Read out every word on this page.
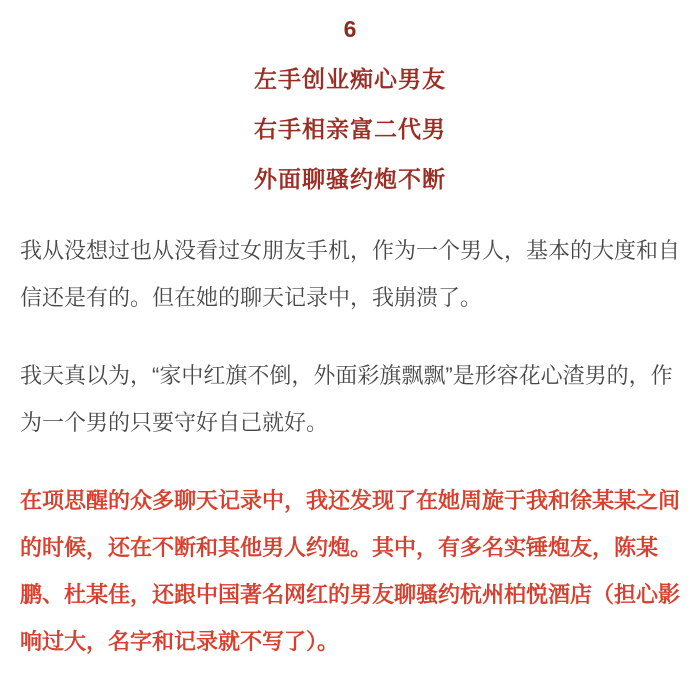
6
左手创业痴心男友
右手相亲富二代男
外面聊骚约炮不断

我从没想过也从没看过女朋友手机，作为一个男人，基本的大度和自
信还是有的。但在她的聊天记录中，我崩溃了。

我天真以为，“家中红旗不倒，外面彩旗飘飘”是形容花心渣男的，作
为一个男的只要守好自己就好。

在项思醒的众多聊天记录中，我还发现了在她周旋于我和徐某某之间
的时候，还在不断和其他男人约炮。其中，有多名实锤炮友，陈某
鹏、杜某佳，还跟中国著名网红的男友聊骚约杭州柏悦酒店（担心影
响过大，名字和记录就不写了）。
